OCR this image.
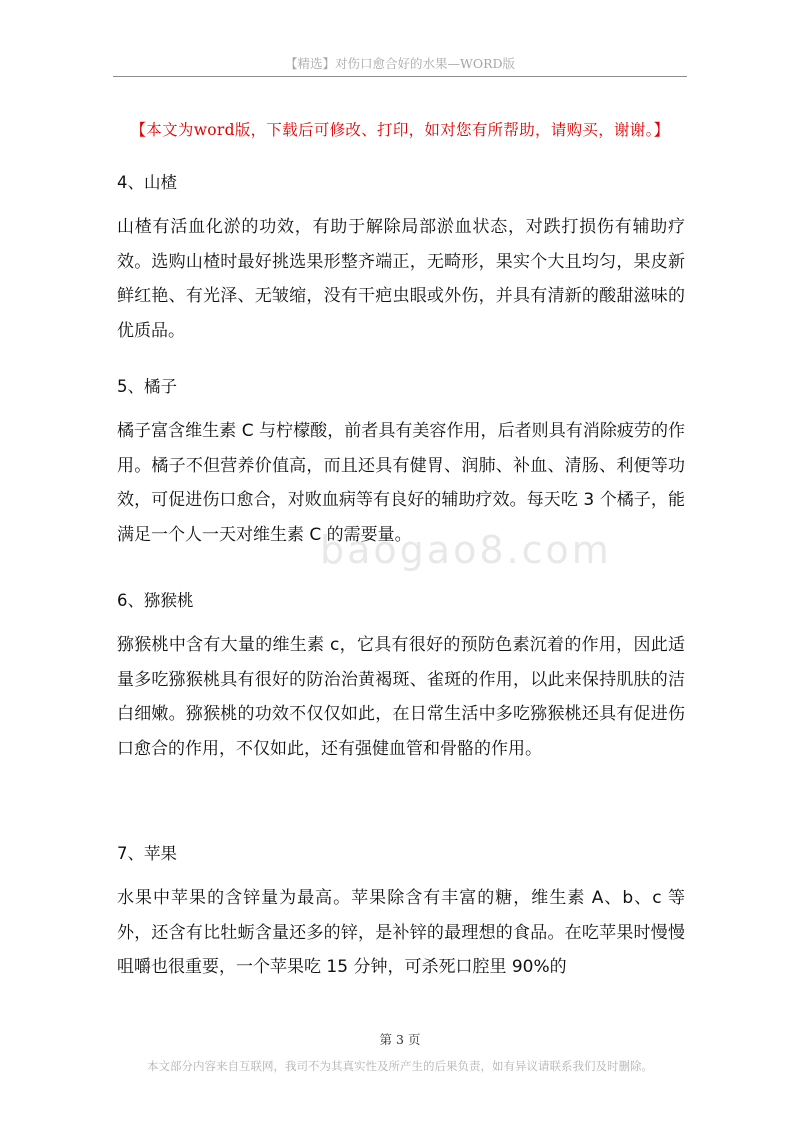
【精选】对伤口愈合好的水果—WORD版
【本文为word版，下载后可修改、打印，如对您有所帮助，请购买，谢谢。】
baogao8.com
4、山楂
山楂有活血化淤的功效，有助于解除局部淤血状态，对跌打损伤有辅助疗效。选购山楂时最好挑选果形整齐端正，无畸形，果实个大且均匀，果皮新鲜红艳、有光泽、无皱缩，没有干疤虫眼或外伤，并具有清新的酸甜滋味的优质品。
5、橘子
橘子富含维生素 C 与柠檬酸，前者具有美容作用，后者则具有消除疲劳的作用。橘子不但营养价值高，而且还具有健胃、润肺、补血、清肠、利便等功效，可促进伤口愈合，对败血病等有良好的辅助疗效。每天吃 3 个橘子，能满足一个人一天对维生素 C 的需要量。
6、猕猴桃
猕猴桃中含有大量的维生素 c，它具有很好的预防色素沉着的作用，因此适量多吃猕猴桃具有很好的防治治黄褐斑、雀斑的作用，以此来保持肌肤的洁白细嫩。猕猴桃的功效不仅仅如此，在日常生活中多吃猕猴桃还具有促进伤口愈合的作用，不仅如此，还有强健血管和骨骼的作用。
7、苹果
水果中苹果的含锌量为最高。苹果除含有丰富的糖，维生素 A、b、c 等外，还含有比牡蛎含量还多的锌，是补锌的最理想的食品。在吃苹果时慢慢咀嚼也很重要，一个苹果吃 15 分钟，可杀死口腔里 90%的
第 3 页
本文部分内容来自互联网，我司不为其真实性及所产生的后果负责，如有异议请联系我们及时删除。
